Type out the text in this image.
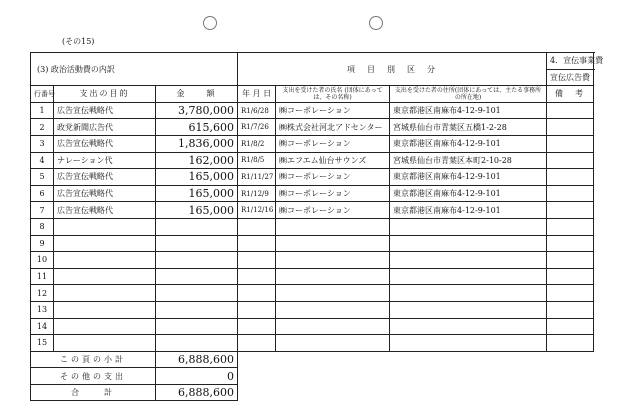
(その15)
(3) 政治活動費の内訳			項　目　別　区　分			4．宣伝事業費
						宣伝広告費
行番号	支出の目的	金　　額	年 月 日	支出を受けた者の氏名 (団体にあっては、その名称)	支出を受けた者の住所(団体にあっては、主たる事務所の所在地)	備　考
1	広告宣伝戦略代	3,780,000	R1/6/28	㈱コーポレーション	東京都港区南麻布4-12-9-101	
2	政党新聞広告代	615,600	R1/7/26	㈱株式会社河北アドセンター	宮城県仙台市青葉区五橋1-2-28	
3	広告宣伝戦略代	1,836,000	R1/8/2	㈱コーポレーション	東京都港区南麻布4-12-9-101	
4	ナレーション代	162,000	R1/8/5	㈱エフエム仙台サウンズ	宮城県仙台市青葉区本町2-10-28	
5	広告宣伝戦略代	165,000	R1/11/27	㈱コーポレーション	東京都港区南麻布4-12-9-101	
6	広告宣伝戦略代	165,000	R1/12/9	㈱コーポレーション	東京都港区南麻布4-12-9-101	
7	広告宣伝戦略代	165,000	R1/12/16	㈱コーポレーション	東京都港区南麻布4-12-9-101	
8						
9						
10						
11						
12						
13						
14						
15						
この頁の小計		6,888,600				
その他の支出		0				
合　　計		6,888,600				
